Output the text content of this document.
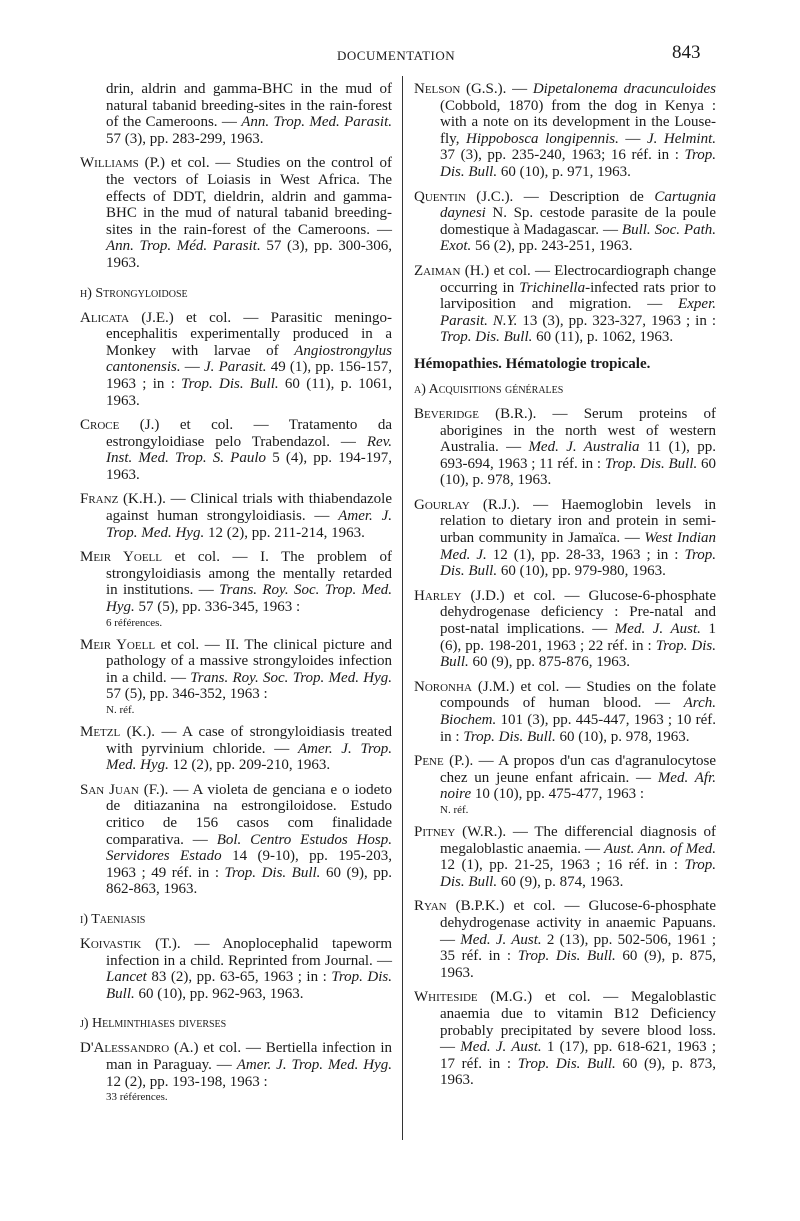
DOCUMENTATION	843
drin, aldrin and gamma-BHC in the mud of natural tabanid breeding-sites in the rain-forest of the Cameroons. — Ann. Trop. Med. Parasit. 57 (3), pp. 283-299, 1963.
Williams (P.) et col. — Studies on the control of the vectors of Loiasis in West Africa. The effects of DDT, dieldrin, aldrin and gamma-BHC in the mud of natural tabanid breeding-sites in the rain-forest of the Cameroons. — Ann. Trop. Méd. Parasit. 57 (3), pp. 300-306, 1963.
h) Strongyloidose
Alicata (J.E.) et col. — Parasitic meningo-encephalitis experimentally produced in a Monkey with larvae of Angiostrongylus cantonensis. — J. Parasit. 49 (1), pp. 156-157, 1963 ; in : Trop. Dis. Bull. 60 (11), p. 1061, 1963.
Croce (J.) et col. — Tratamento da estrongyloidiase pelo Trabendazol. — Rev. Inst. Med. Trop. S. Paulo 5 (4), pp. 194-197, 1963.
Franz (K.H.). — Clinical trials with thiabendazole against human strongyloidiasis. — Amer. J. Trop. Med. Hyg. 12 (2), pp. 211-214, 1963.
Meir Yoell et col. — I. The problem of strongyloidiasis among the mentally retarded in institutions. — Trans. Roy. Soc. Trop. Med. Hyg. 57 (5), pp. 336-345, 1963 :
6 références.
Meir Yoell et col. — II. The clinical picture and pathology of a massive strongyloides infection in a child. — Trans. Roy. Soc. Trop. Med. Hyg. 57 (5), pp. 346-352, 1963 :
N. réf.
Metzl (K.). — A case of strongyloidiasis treated with pyrvinium chloride. — Amer. J. Trop. Med. Hyg. 12 (2), pp. 209-210, 1963.
San Juan (F.). — A violeta de genciana e o iodeto de ditiazanina na estrongiloidose. Estudo critico de 156 casos com finalidade comparativa. — Bol. Centro Estudos Hosp. Servidores Estado 14 (9-10), pp. 195-203, 1963 ; 49 réf. in : Trop. Dis. Bull. 60 (9), pp. 862-863, 1963.
i) Taeniasis
Koivastik (T.). — Anoplocephalid tapeworm infection in a child. Reprinted from Journal. — Lancet 83 (2), pp. 63-65, 1963 ; in : Trop. Dis. Bull. 60 (10), pp. 962-963, 1963.
j) Helminthiases diverses
D'Alessandro (A.) et col. — Bertiella infection in man in Paraguay. — Amer. J. Trop. Med. Hyg. 12 (2), pp. 193-198, 1963 :
33 références.
Nelson (G.S.). — Dipetalonema dracunculoides (Cobbold, 1870) from the dog in Kenya : with a note on its development in the Louse-fly, Hippobosca longipennis. — J. Helmint. 37 (3), pp. 235-240, 1963; 16 réf. in : Trop. Dis. Bull. 60 (10), p. 971, 1963.
Quentin (J.C.). — Description de Cartugnia daynesi N. Sp. cestode parasite de la poule domestique à Madagascar. — Bull. Soc. Path. Exot. 56 (2), pp. 243-251, 1963.
Zaiman (H.) et col. — Electrocardiograph change occurring in Trichinella-infected rats prior to larviposition and migration. — Exper. Parasit. N.Y. 13 (3), pp. 323-327, 1963 ; in : Trop. Dis. Bull. 60 (11), p. 1062, 1963.
Hémopathies. Hématologie tropicale.
a) Acquisitions générales
Beveridge (B.R.). — Serum proteins of aborigines in the north west of western Australia. — Med. J. Australia 11 (1), pp. 693-694, 1963 ; 11 réf. in : Trop. Dis. Bull. 60 (10), p. 978, 1963.
Gourlay (R.J.). — Haemoglobin levels in relation to dietary iron and protein in semi-urban community in Jamaïca. — West Indian Med. J. 12 (1), pp. 28-33, 1963 ; in : Trop. Dis. Bull. 60 (10), pp. 979-980, 1963.
Harley (J.D.) et col. — Glucose-6-phosphate dehydrogenase deficiency : Pre-natal and post-natal implications. — Med. J. Aust. 1 (6), pp. 198-201, 1963 ; 22 réf. in : Trop. Dis. Bull. 60 (9), pp. 875-876, 1963.
Noronha (J.M.) et col. — Studies on the folate compounds of human blood. — Arch. Biochem. 101 (3), pp. 445-447, 1963 ; 10 réf. in : Trop. Dis. Bull. 60 (10), p. 978, 1963.
Pene (P.). — A propos d'un cas d'agranulocytose chez un jeune enfant africain. — Med. Afr. noire 10 (10), pp. 475-477, 1963 :
N. réf.
Pitney (W.R.). — The differencial diagnosis of megaloblastic anaemia. — Aust. Ann. of Med. 12 (1), pp. 21-25, 1963 ; 16 réf. in : Trop. Dis. Bull. 60 (9), p. 874, 1963.
Ryan (B.P.K.) et col. — Glucose-6-phosphate dehydrogenase activity in anaemic Papuans. — Med. J. Aust. 2 (13), pp. 502-506, 1961 ; 35 réf. in : Trop. Dis. Bull. 60 (9), p. 875, 1963.
Whiteside (M.G.) et col. — Megaloblastic anaemia due to vitamin B12 Deficiency probably precipitated by severe blood loss. — Med. J. Aust. 1 (17), pp. 618-621, 1963 ; 17 réf. in : Trop. Dis. Bull. 60 (9), p. 873, 1963.
